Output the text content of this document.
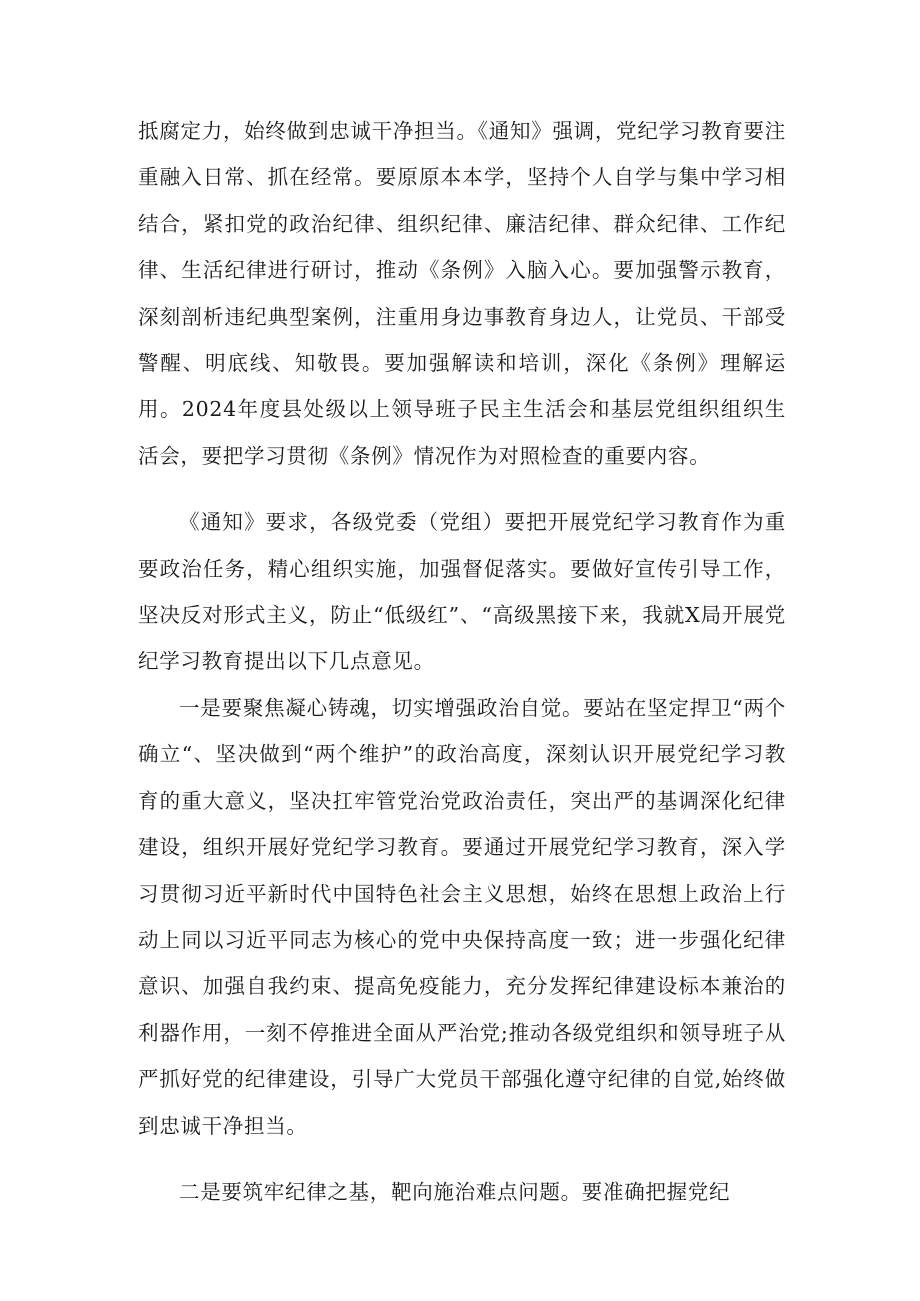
抵腐定力，始终做到忠诚干净担当。《通知》强调，党纪学习教育要注重融入日常、抓在经常。要原原本本学，坚持个人自学与集中学习相结合，紧扣党的政治纪律、组织纪律、廉洁纪律、群众纪律、工作纪律、生活纪律进行研讨，推动《条例》入脑入心。要加强警示教育，深刻剖析违纪典型案例，注重用身边事教育身边人，让党员、干部受警醒、明底线、知敬畏。要加强解读和培训，深化《条例》理解运用。2024年度县处级以上领导班子民主生活会和基层党组织组织生活会，要把学习贯彻《条例》情况作为对照检查的重要内容。

《通知》要求，各级党委（党组）要把开展党纪学习教育作为重要政治任务，精心组织实施，加强督促落实。要做好宣传引导工作，坚决反对形式主义，防止“低级红”、“高级黑接下来，我就X局开展党纪学习教育提出以下几点意见。

一是要聚焦凝心铸魂，切实增强政治自觉。要站在坚定捍卫“两个确立“、坚决做到“两个维护”的政治高度，深刻认识开展党纪学习教育的重大意义，坚决扛牢管党治党政治责任，突出严的基调深化纪律建设，组织开展好党纪学习教育。要通过开展党纪学习教育，深入学习贯彻习近平新时代中国特色社会主义思想，始终在思想上政治上行动上同以习近平同志为核心的党中央保持高度一致；进一步强化纪律意识、加强自我约束、提高免疫能力，充分发挥纪律建设标本兼治的利器作用，一刻不停推进全面从严治党;推动各级党组织和领导班子从严抓好党的纪律建设，引导广大党员干部强化遵守纪律的自觉,始终做到忠诚干净担当。

二是要筑牢纪律之基，靶向施治难点问题。要准确把握党纪
